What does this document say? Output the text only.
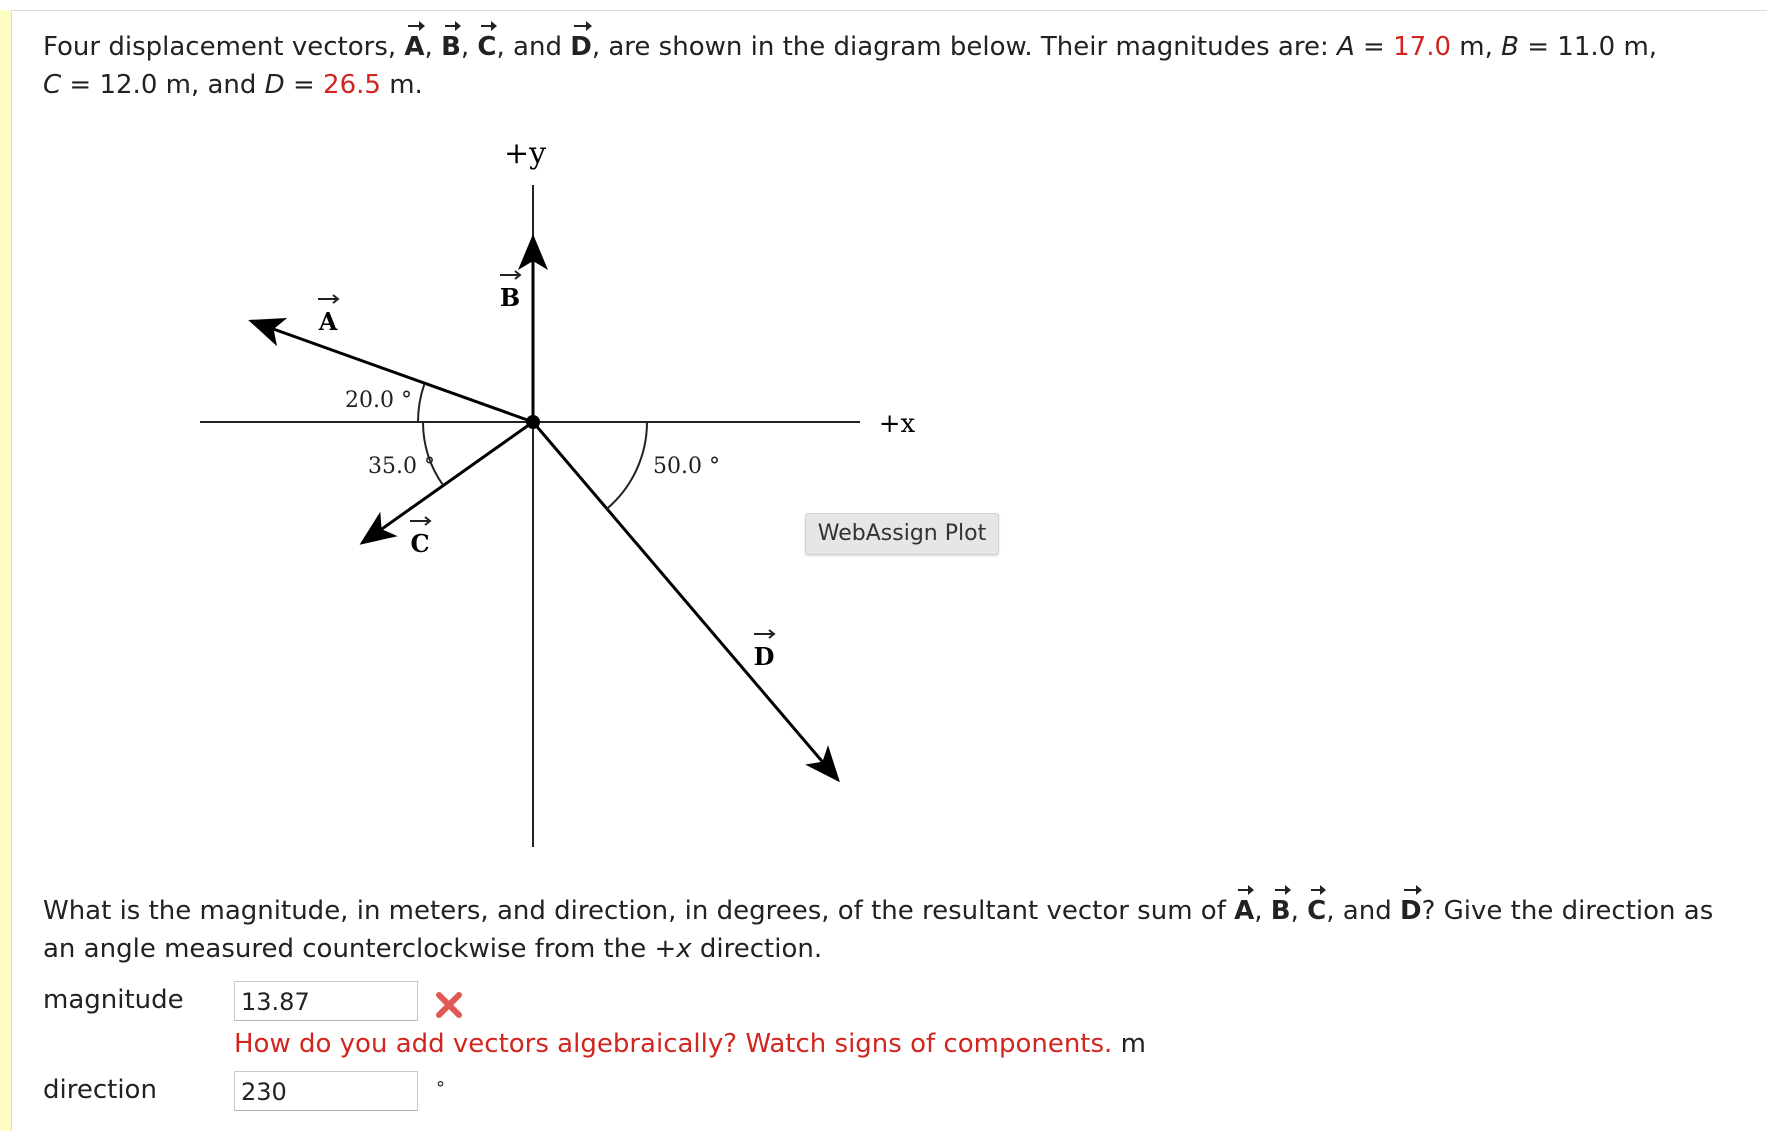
Four displacement vectors, A, B, C, and D, are shown in the diagram below. Their magnitudes are: A = 17.0 m, B = 11.0 m,
C = 12.0 m, and D = 26.5 m.
+y
+x
A
B
C
D
20.0 °
35.0 °	50.0 °
WebAssign Plot
What is the magnitude, in meters, and direction, in degrees, of the resultant vector sum of A, B, C, and D? Give the direction as an angle measured counterclockwise from the +x direction.
magnitude 13.87
How do you add vectors algebraically? Watch signs of components. m
direction	230	°
